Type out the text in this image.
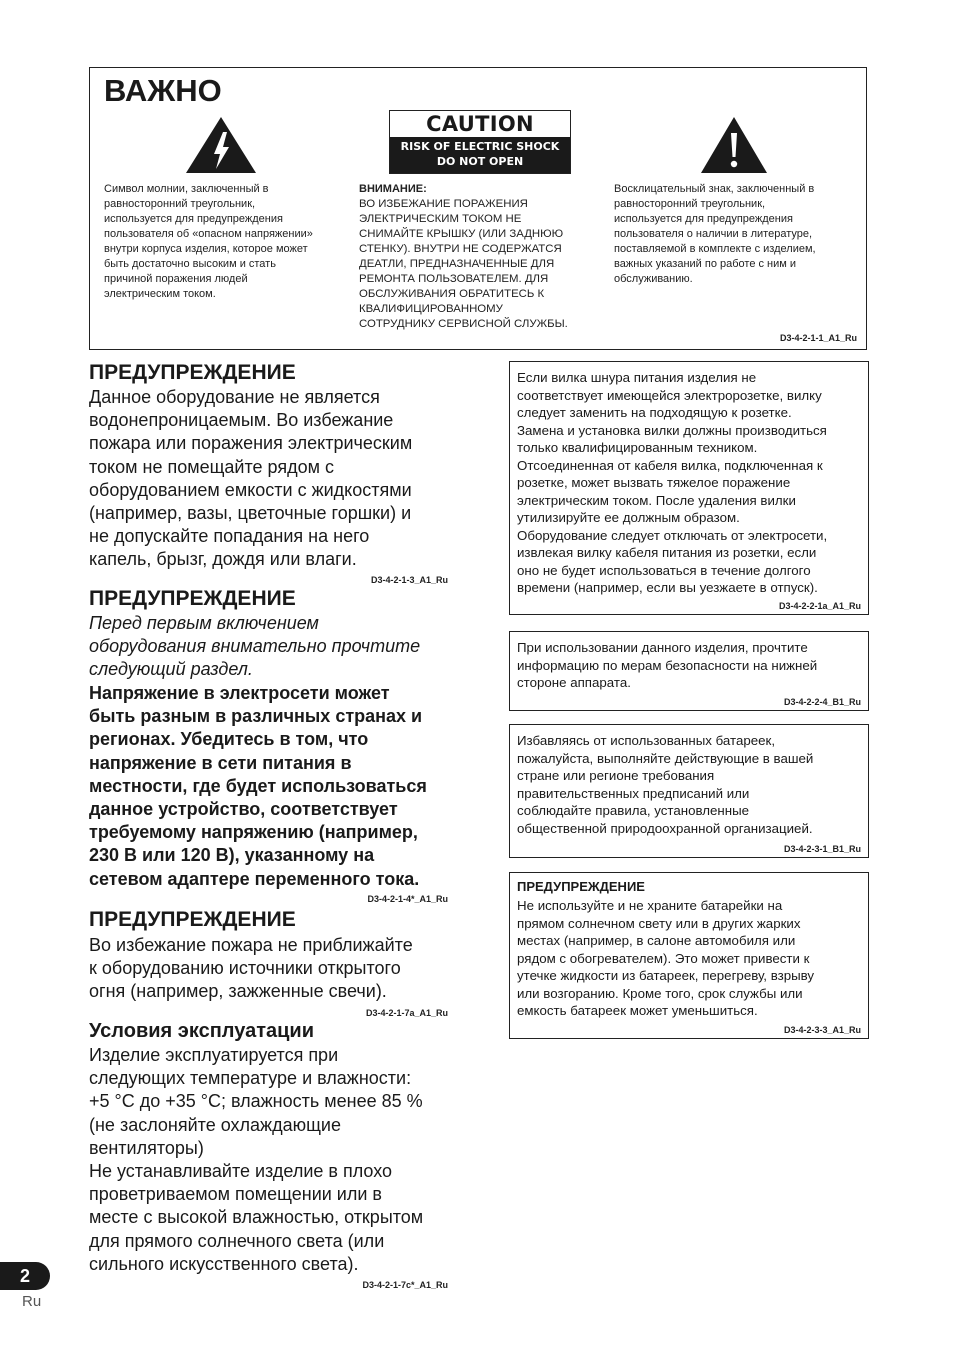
ВАЖНО
CAUTION
RISK OF ELECTRIC SHOCK
DO NOT OPEN
Символ молнии, заключенный в
равносторонний треугольник,
используется для предупреждения
пользователя об «опасном напряжении»
внутри корпуса изделия, которое может
быть достаточно высоким и стать
причиной поражения людей
электрическим током.
ВНИМАНИЕ:
ВО ИЗБЕЖАНИЕ ПОРАЖЕНИЯ
ЭЛЕКТРИЧЕСКИМ ТОКОМ НЕ
СНИМАЙТЕ КРЫШКУ (ИЛИ ЗАДНЮЮ
СТЕНКУ). ВНУТРИ НЕ СОДЕРЖАТСЯ
ДЕАТЛИ, ПРЕДНАЗНАЧЕННЫЕ ДЛЯ
РЕМОНТА ПОЛЬЗОВАТЕЛЕМ. ДЛЯ
ОБСЛУЖИВАНИЯ ОБРАТИТЕСЬ К
КВАЛИФИЦИРОВАННОМУ
СОТРУДНИКУ СЕРВИСНОЙ СЛУЖБЫ.
Восклицательный знак, заключенный в
равносторонний треугольник,
используется для предупреждения
пользователя о наличии в литературе,
поставляемой в комплекте с изделием,
важных указаний по работе с ним и
обслуживанию.
D3-4-2-1-1_A1_Ru
ПРЕДУПРЕЖДЕНИЕ

Данное оборудование не является
водонепроницаемым. Во избежание
пожара или поражения электрическим
током не помещайте рядом с
оборудованием емкости с жидкостями
(например, вазы, цветочные горшки) и
не допускайте попадания на него
капель, брызг, дождя или влаги.

D3-4-2-1-3_A1_Ru
ПРЕДУПРЕЖДЕНИЕ

Перед первым включением
оборудования внимательно прочтите
следующий раздел.

Напряжение в электросети может
быть разным в различных странах и
регионах. Убедитесь в том, что
напряжение в сети питания в
местности, где будет использоваться
данное устройство, соответствует
требуемому напряжению (например,
230 В или 120 В), указанному на
сетевом адаптере переменного тока.

D3-4-2-1-4*_A1_Ru
ПРЕДУПРЕЖДЕНИЕ

Во избежание пожара не приближайте
к оборудованию источники открытого
огня (например, зажженные свечи).

D3-4-2-1-7a_A1_Ru
Условия эксплуатации

Изделие эксплуатируется при
следующих температуре и влажности:
+5 °C до +35 °C; влажность менее 85 %
(не заслоняйте охлаждающие
вентиляторы)
Не устанавливайте изделие в плохо
проветриваемом помещении или в
месте с высокой влажностью, открытом
для прямого солнечного света (или
сильного искусственного света).

D3-4-2-1-7c*_A1_Ru

Если вилка шнура питания изделия не
соответствует имеющейся электророзетке, вилку
следует заменить на подходящую к розетке.
Замена и установка вилки должны производиться
только квалифицированным техником.
Отсоединенная от кабеля вилка, подключенная к
розетке, может вызвать тяжелое поражение
электрическим током. После удаления вилки
утилизируйте ее должным образом.
Оборудование следует отключать от электросети,
извлекая вилку кабеля питания из розетки, если
оно не будет использоваться в течение долгого
времени (например, если вы уезжаете в отпуск).

D3-4-2-2-1a_A1_Ru

При использовании данного изделия, прочтите
информацию по мерам безопасности на нижней
стороне аппарата.

D3-4-2-2-4_B1_Ru

Избавляясь от использованных батареек,
пожалуйста, выполняйте действующие в вашей
стране или регионе требования
правительственных предписаний или
соблюдайте правила, установленные
общественной природоохранной организацией.

D3-4-2-3-1_B1_Ru
ПРЕДУПРЕЖДЕНИЕ

Не используйте и не храните батарейки на
прямом солнечном свету или в других жарких
местах (например, в салоне автомобиля или
рядом с обогревателем). Это может привести к
утечке жидкости из батареек, перегреву, взрыву
или возгоранию. Кроме того, срок службы или
емкость батареек может уменьшиться.

D3-4-2-3-3_A1_Ru
2
Ru
